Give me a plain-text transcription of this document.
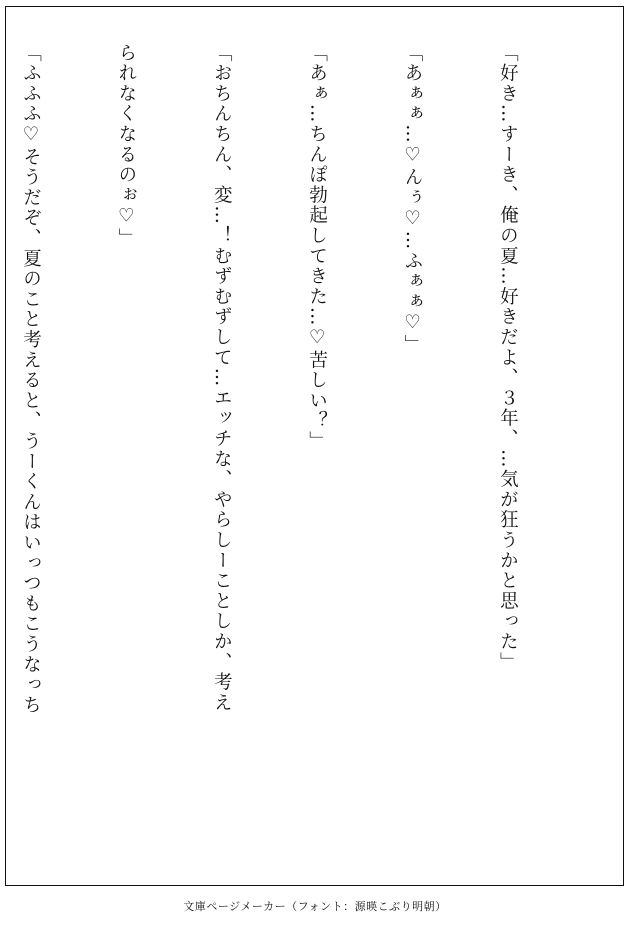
「好き…すーき、俺の夏…好きだよ、３年、…気が狂うかと思った」

「あぁぁ…♡んぅ♡…ふぁぁ♡」

「あぁ…ちんぽ勃起してきた…♡苦しい？」

「おちんちん、変…！むずむずして…エッチな、やらしーことしか、考え

られなくなるのぉ♡」

「ふふふ♡そうだぞ、夏のこと考えると、うーくんはいっつもこうなっち

文庫ページメーカー（フォント：源暎こぶり明朝）
